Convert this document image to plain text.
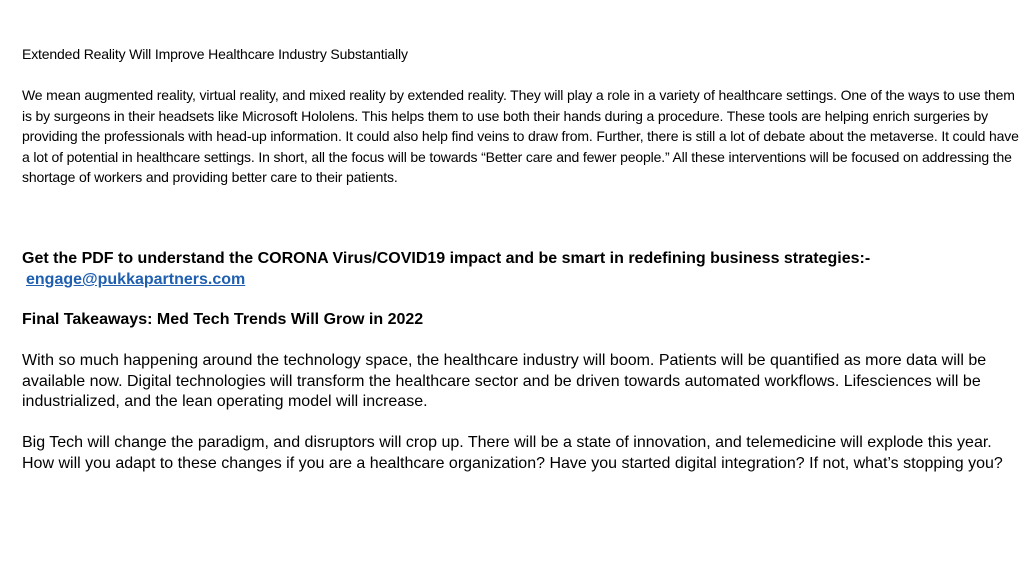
Extended Reality Will Improve Healthcare Industry Substantially

We mean augmented reality, virtual reality, and mixed reality by extended reality. They will play a role in a variety of healthcare settings. One of the ways to use them is by surgeons in their headsets like Microsoft Hololens. This helps them to use both their hands during a procedure. These tools are helping enrich surgeries by providing the professionals with head-up information. It could also help find veins to draw from. Further, there is still a lot of debate about the metaverse. It could have a lot of potential in healthcare settings. In short, all the focus will be towards “Better care and fewer people.” All these interventions will be focused on addressing the shortage of workers and providing better care to their patients.

Get the PDF to understand the CORONA Virus/COVID19 impact and be smart in redefining business strategies:-

engage@pukkapartners.com

Final Takeaways: Med Tech Trends Will Grow in 2022

With so much happening around the technology space, the healthcare industry will boom. Patients will be quantified as more data will be available now. Digital technologies will transform the healthcare sector and be driven towards automated workflows. Lifesciences will be industrialized, and the lean operating model will increase.

Big Tech will change the paradigm, and disruptors will crop up. There will be a state of innovation, and telemedicine will explode this year. How will you adapt to these changes if you are a healthcare organization? Have you started digital integration? If not, what’s stopping you?
